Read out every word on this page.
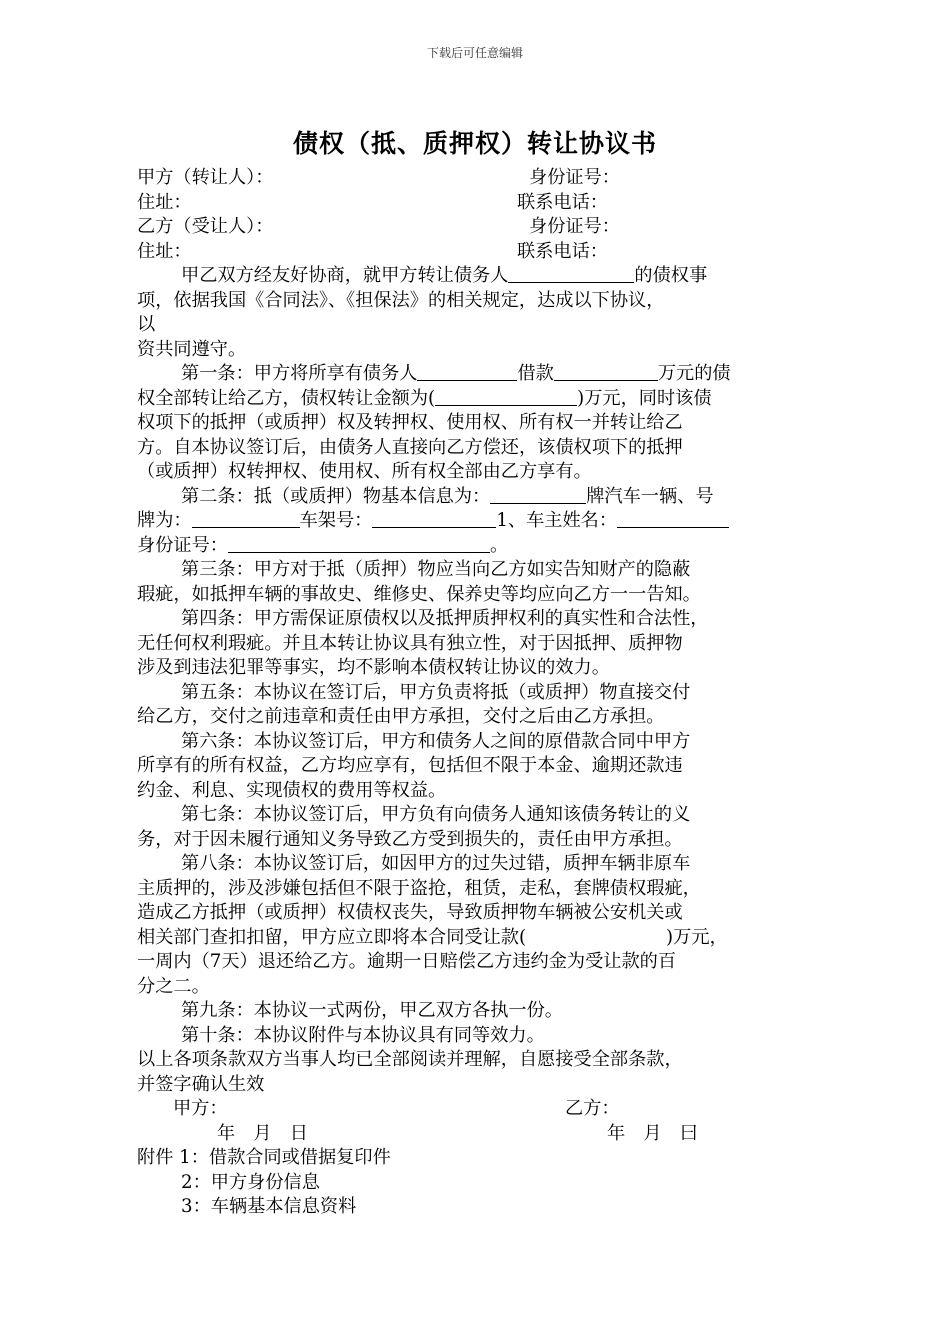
下载后可任意编辑
债权（抵、质押权）转让协议书
甲方（转让人）：	身份证号：
住址：	联系电话：
乙方（受让人）：	身份证号：
住址：	联系电话：
甲乙双方经友好协商，就甲方转让债务人	的债权事
项，依据我国《合同法》、《担保法》的相关规定，达成以下协议，
以
资共同遵守。
第一条：甲方将所享有债务人	借款	万元的债
权全部转让给乙方，债权转让金额为(	)万元，同时该债
权项下的抵押（或质押）权及转押权、使用权、所有权一并转让给乙
方。自本协议签订后，由债务人直接向乙方偿还，该债权项下的抵押
（或质押）权转押权、使用权、所有权全部由乙方享有。
第二条：抵（或质押）物基本信息为：	牌汽车一辆、号
牌为：	车架号：	1、车主姓名：
身份证号：	。
第三条：甲方对于抵（质押）物应当向乙方如实告知财产的隐蔽
瑕疵，如抵押车辆的事故史、维修史、保养史等均应向乙方一一告知。
第四条：甲方需保证原债权以及抵押质押权利的真实性和合法性，
无任何权利瑕疵。并且本转让协议具有独立性，对于因抵押、质押物
涉及到违法犯罪等事实，均不影响本债权转让协议的效力。
第五条：本协议在签订后，甲方负责将抵（或质押）物直接交付
给乙方，交付之前违章和责任由甲方承担，交付之后由乙方承担。
第六条：本协议签订后，甲方和债务人之间的原借款合同中甲方
所享有的所有权益，乙方均应享有，包括但不限于本金、逾期还款违
约金、利息、实现债权的费用等权益。
第七条：本协议签订后，甲方负有向债务人通知该债务转让的义
务，对于因未履行通知义务导致乙方受到损失的，责任由甲方承担。
第八条：本协议签订后，如因甲方的过失过错，质押车辆非原车
主质押的，涉及涉嫌包括但不限于盗抢，租赁，走私，套牌债权瑕疵，
造成乙方抵押（或质押）权债权丧失，导致质押物车辆被公安机关或
相关部门查扣扣留，甲方应立即将本合同受让款(	)万元，
一周内（7天）退还给乙方。逾期一日赔偿乙方违约金为受让款的百
分之二。
第九条：本协议一式两份，甲乙双方各执一份。
第十条：本协议附件与本协议具有同等效力。
以上各项条款双方当事人均已全部阅读并理解，自愿接受全部条款，
并签字确认生效
甲方：	乙方：
年　月　日	年　月　曰
附件 1：借款合同或借据复印件
2：甲方身份信息
3：车辆基本信息资料
